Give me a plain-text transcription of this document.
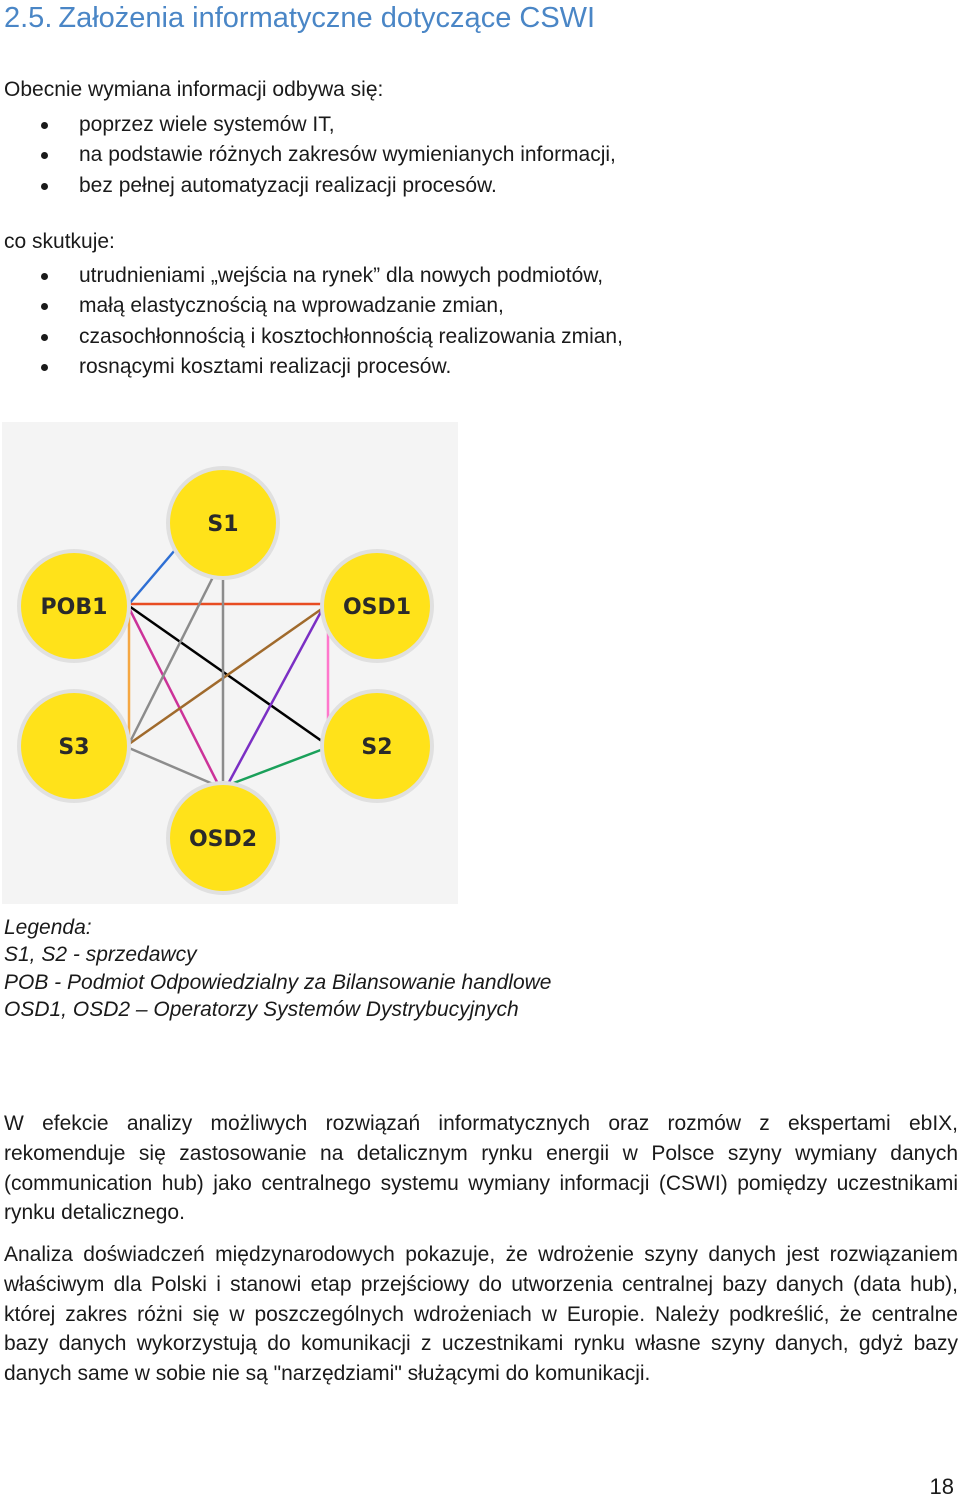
2.5. Założenia informatyczne dotyczące CSWI

Obecnie wymiana informacji odbywa się:

poprzez wiele systemów IT,
na podstawie różnych zakresów wymienianych informacji,
bez pełnej automatyzacji realizacji procesów.

co skutkuje:

utrudnieniami „wejścia na rynek” dla nowych podmiotów,
małą elastycznością na wprowadzanie zmian,
czasochłonnością i kosztochłonnością realizowania zmian,
rosnącymi kosztami realizacji procesów.
S1
POB1	OSD1
S3	S2
OSD2
Legenda:
S1, S2 - sprzedawcy
POB - Podmiot Odpowiedzialny za Bilansowanie handlowe
OSD1, OSD2 – Operatorzy Systemów Dystrybucyjnych

W efekcie analizy możliwych rozwiązań informatycznych oraz rozmów z ekspertami ebIX, rekomenduje się zastosowanie na detalicznym rynku energii w Polsce szyny wymiany danych (communication hub) jako centralnego systemu wymiany informacji (CSWI) pomiędzy uczestnikami rynku detalicznego.

Analiza doświadczeń międzynarodowych pokazuje, że wdrożenie szyny danych jest rozwiązaniem właściwym dla Polski i stanowi etap przejściowy do utworzenia centralnej bazy danych (data hub), której zakres różni się w poszczególnych wdrożeniach w Europie. Należy podkreślić, że centralne bazy danych wykorzystują do komunikacji z uczestnikami rynku własne szyny danych, gdyż bazy danych same w sobie nie są "narzędziami" służącymi do komunikacji.

18
